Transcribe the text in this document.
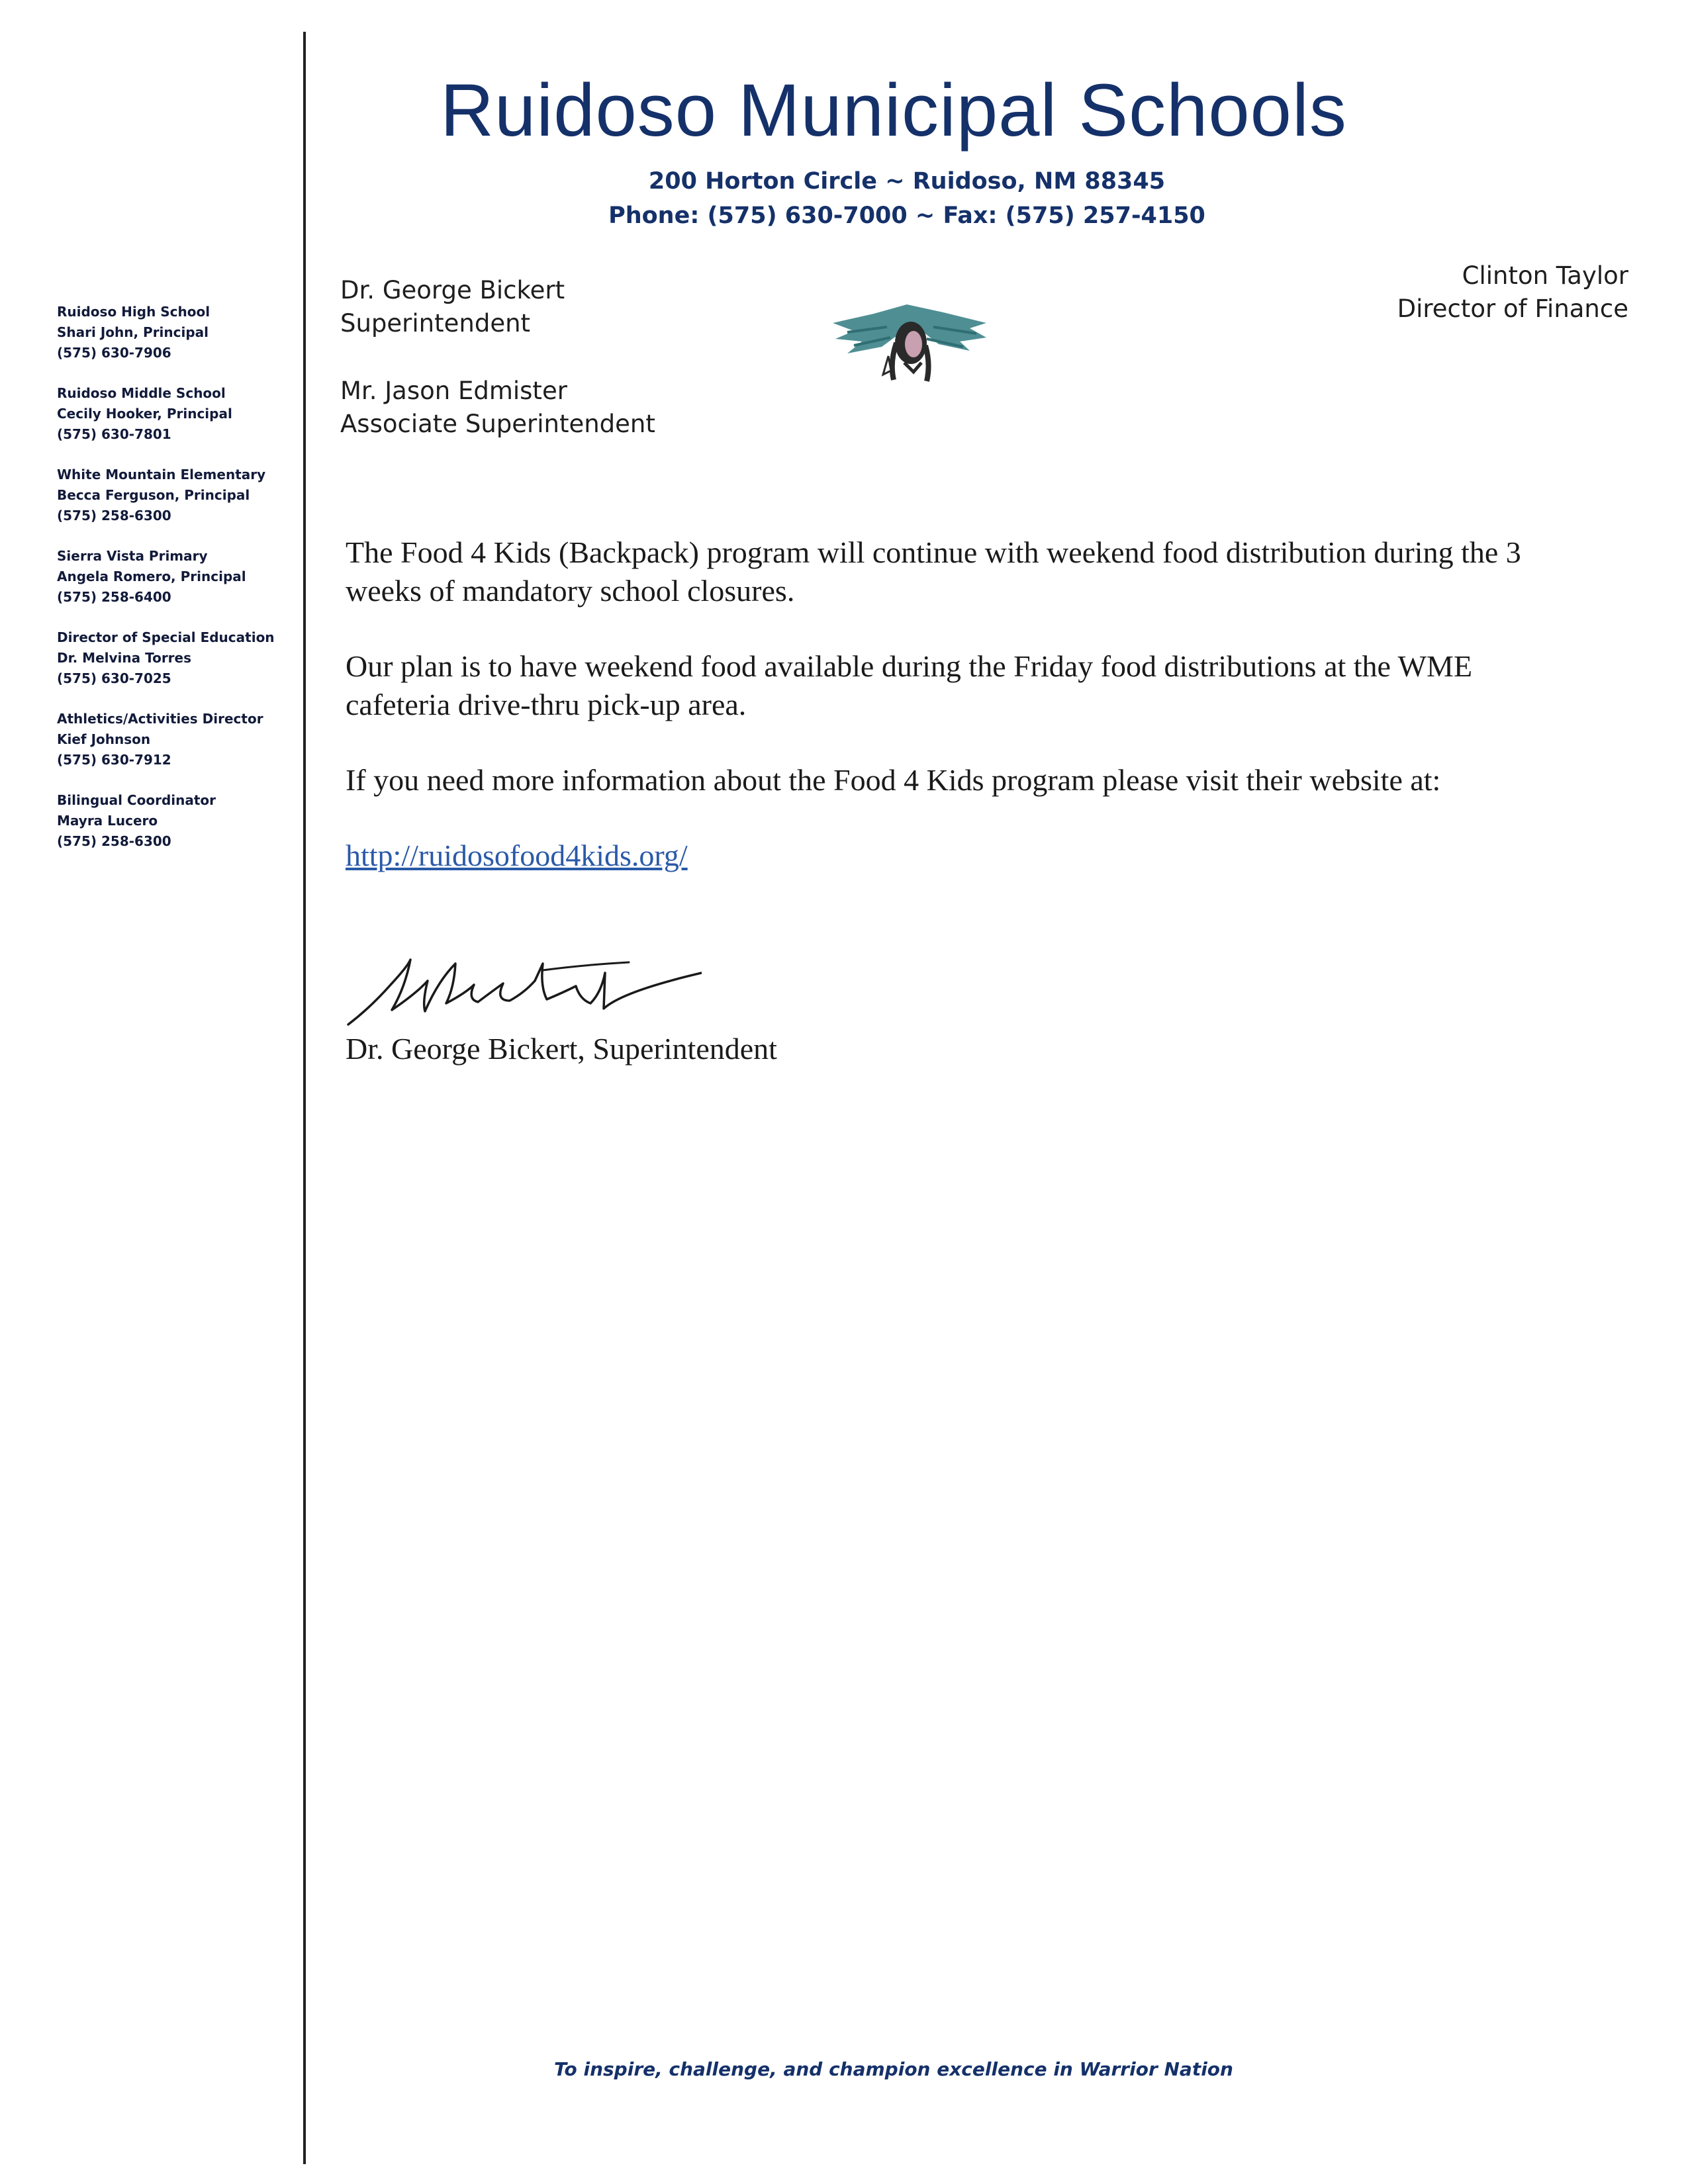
Ruidoso High School
Shari John, Principal
(575) 630-7906
Ruidoso Middle School
Cecily Hooker, Principal
(575) 630-7801
White Mountain Elementary
Becca Ferguson, Principal
(575) 258-6300
Sierra Vista Primary
Angela Romero, Principal
(575) 258-6400
Director of Special Education
Dr. Melvina Torres
(575) 630-7025
Athletics/Activities Director
Kief Johnson
(575) 630-7912
Bilingual Coordinator
Mayra Lucero
(575) 258-6300
Ruidoso Municipal Schools
200 Horton Circle ~ Ruidoso, NM 88345
Phone: (575) 630-7000 ~ Fax: (575) 257-4150
Dr. George Bickert
Superintendent
Mr. Jason Edmister
Associate Superintendent
Clinton Taylor
Director of Finance

The Food 4 Kids (Backpack) program will continue with weekend food distribution during the 3 weeks of mandatory school closures.

Our plan is to have weekend food available during the Friday food distributions at the WME cafeteria drive-thru pick-up area.

If you need more information about the Food 4 Kids program please visit their website at:

http://ruidosofood4kids.org/
Dr. George Bickert, Superintendent
To inspire, challenge, and champion excellence in Warrior Nation
